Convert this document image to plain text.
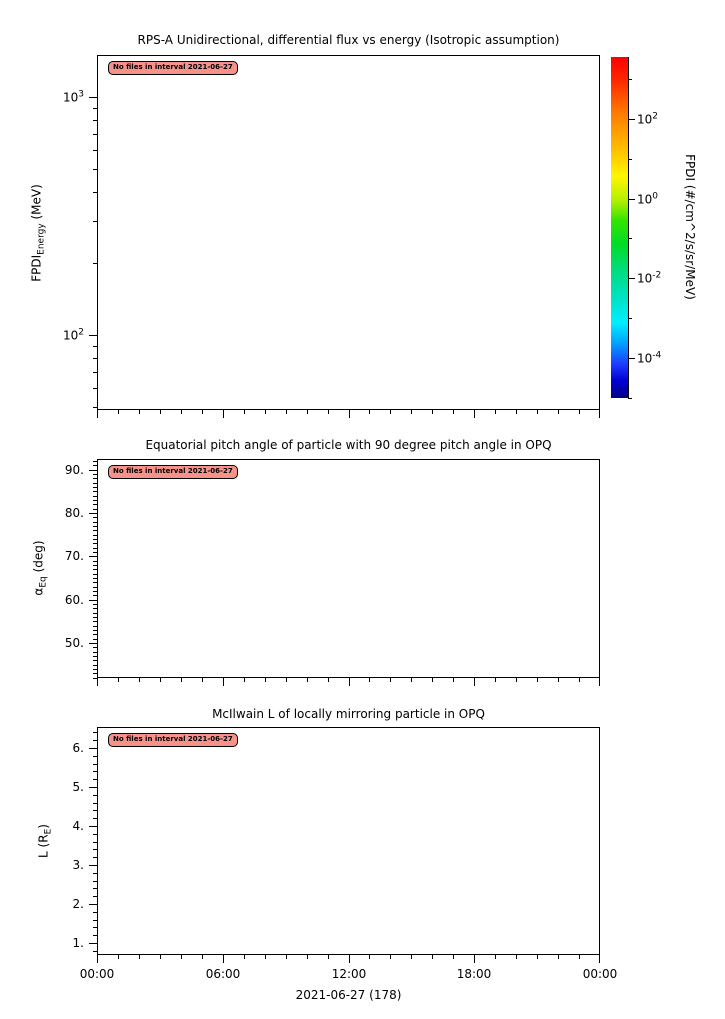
RPS-A Unidirectional, differential flux vs energy (Isotropic assumption)
No files in interval 2021-06-27
$FPDI_{Energy}$ (MeV)	FPDI (#/cm^2/s/sr/MeV)
Equatorial pitch angle of particle with 90 degree pitch angle in OPQ
No files in interval 2021-06-27
$\alpha_{Eq}$ (deg)
McIlwain L of locally mirroring particle in OPQ
No files in interval 2021-06-27
L $(R_E)$
00:00	06:00	12:00	18:00	00:00
2021-06-27 (178)
$10^3$
$10^2$
90.
80.
70.
60.
50.
6.
5.
4.
3.
2.
1.
$10^2$
$10^0$
$10^{-2}$
$10^{-4}$
